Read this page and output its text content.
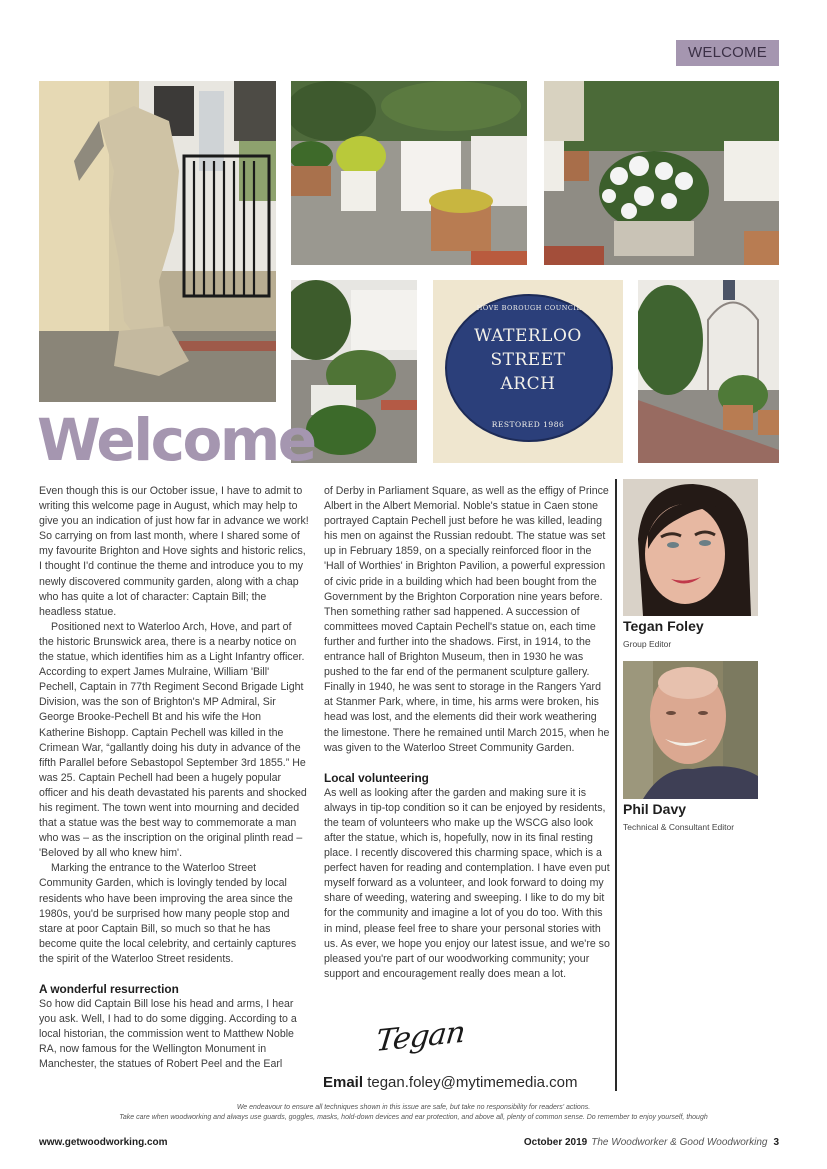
WELCOME
HOVE BOROUGH COUNCIL
WATERLOO
STREET
ARCH
RESTORED 1986
Welcome

Even though this is our October issue, I have to admit to writing this welcome page in August, which may help to give you an indication of just how far in advance we work! So carrying on from last month, where I shared some of my favourite Brighton and Hove sights and historic relics, I thought I'd continue the theme and introduce you to my newly discovered community garden, along with a chap who has quite a lot of character: Captain Bill; the headless statue.

Positioned next to Waterloo Arch, Hove, and part of the historic Brunswick area, there is a nearby notice on the statue, which identifies him as a Light Infantry officer. According to expert James Mulraine, William 'Bill' Pechell, Captain in 77th Regiment Second Brigade Light Division, was the son of Brighton's MP Admiral, Sir George Brooke-Pechell Bt and his wife the Hon Katherine Bishopp. Captain Pechell was killed in the Crimean War, “gallantly doing his duty in advance of the fifth Parallel before Sebastopol September 3rd 1855.” He was 25. Captain Pechell had been a hugely popular officer and his death devastated his parents and shocked his regiment. The town went into mourning and decided that a statue was the best way to commemorate a man who was – as the inscription on the original plinth read – 'Beloved by all who knew him'.

Marking the entrance to the Waterloo Street Community Garden, which is lovingly tended by local residents who have been improving the area since the 1980s, you'd be surprised how many people stop and stare at poor Captain Bill, so much so that he has become quite the local celebrity, and certainly captures the spirit of the Waterloo Street residents.

A wonderful resurrection

So how did Captain Bill lose his head and arms, I hear you ask. Well, I had to do some digging. According to a local historian, the commission went to Matthew Noble RA, now famous for the Wellington Monument in Manchester, the statues of Robert Peel and the Earl

of Derby in Parliament Square, as well as the effigy of Prince Albert in the Albert Memorial. Noble's statue in Caen stone portrayed Captain Pechell just before he was killed, leading his men on against the Russian redoubt. The statue was set up in February 1859, on a specially reinforced floor in the 'Hall of Worthies' in Brighton Pavilion, a powerful expression of civic pride in a building which had been bought from the Government by the Brighton Corporation nine years before. Then something rather sad happened. A succession of committees moved Captain Pechell's statue on, each time further and further into the shadows. First, in 1914, to the entrance hall of Brighton Museum, then in 1930 he was pushed to the far end of the permanent sculpture gallery. Finally in 1940, he was sent to storage in the Rangers Yard at Stanmer Park, where, in time, his arms were broken, his head was lost, and the elements did their work weathering the limestone. There he remained until March 2015, when he was given to the Waterloo Street Community Garden.

Local volunteering

As well as looking after the garden and making sure it is always in tip-top condition so it can be enjoyed by residents, the team of volunteers who make up the WSCG also look after the statue, which is, hopefully, now in its final resting place. I recently discovered this charming space, which is a perfect haven for reading and contemplation. I have even put myself forward as a volunteer, and look forward to doing my share of weeding, watering and sweeping. I like to do my bit for the community and imagine a lot of you do too. With this in mind, please feel free to share your personal stories with us. As ever, we hope you enjoy our latest issue, and we're so pleased you're part of our woodworking community; your support and encouragement really does mean a lot.

Tegan
Email tegan.foley@mytimemedia.com
Tegan Foley
Group Editor
Phil Davy
Technical & Consultant Editor
We endeavour to ensure all techniques shown in this issue are safe, but take no responsibility for readers' actions.
Take care when woodworking and always use guards, goggles, masks, hold-down devices and ear protection, and above all, plenty of common sense. Do remember to enjoy yourself, though
www.getwoodworking.com	October 2019 The Woodworker & Good Woodworking 3
